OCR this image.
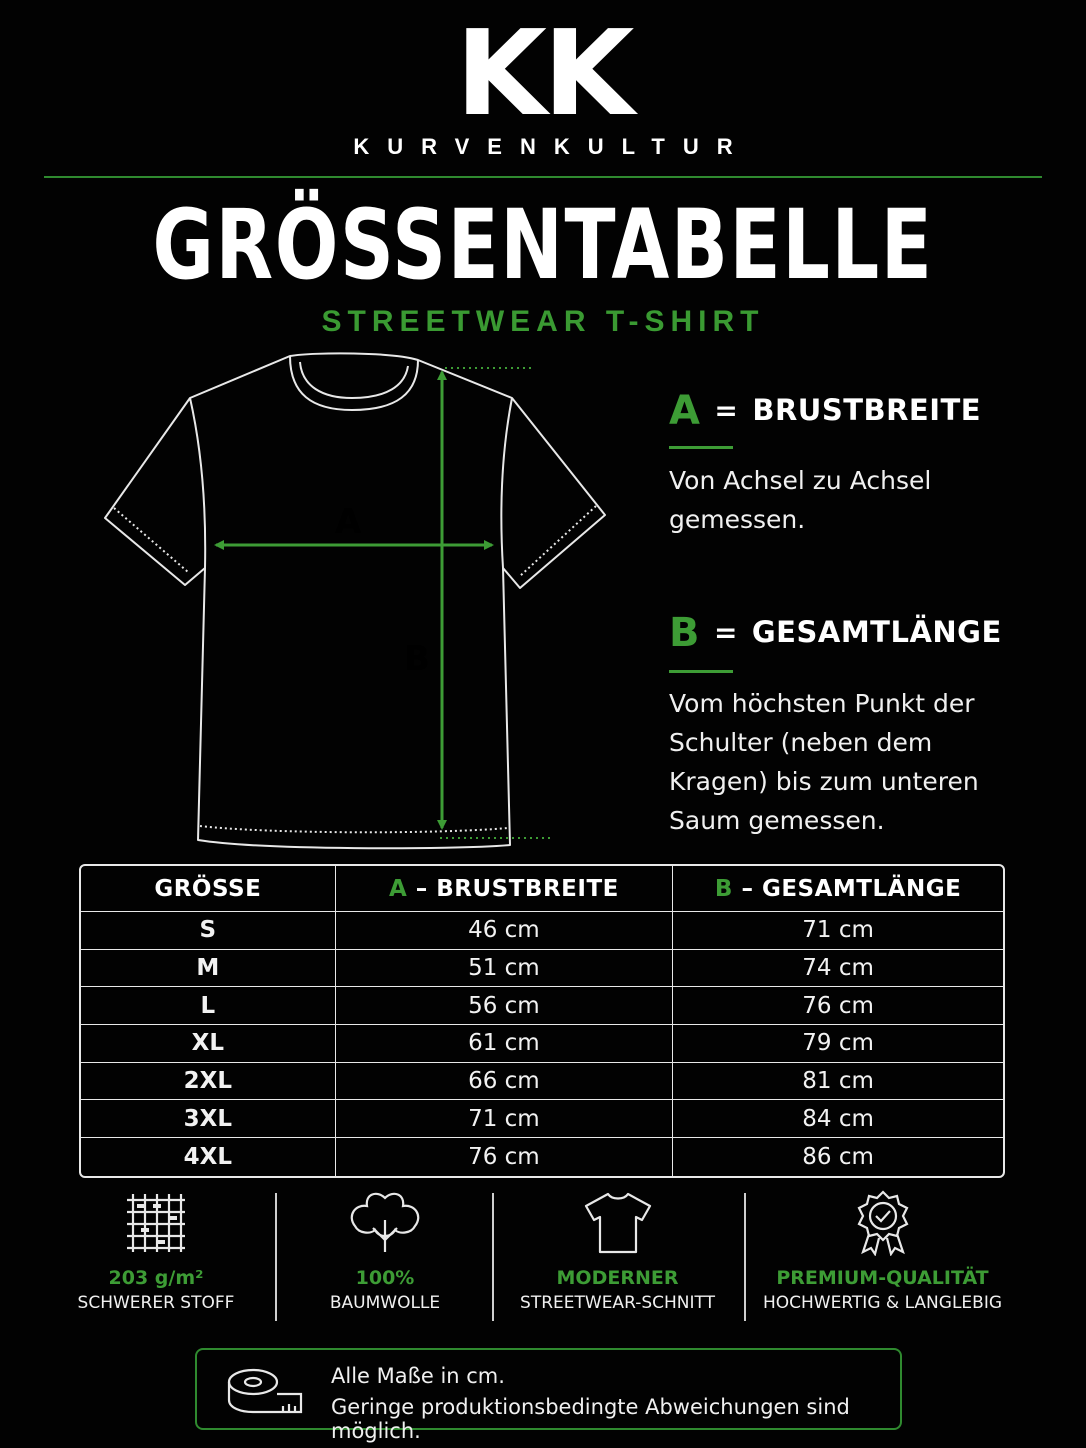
KK
KURVENKULTUR
GRÖSSENTABELLE
STREETWEAR T-SHIRT
A
B
A = BRUSTBREITE
Von Achsel zu Achsel
gemessen.
B = GESAMTLÄNGE
Vom höchsten Punkt der
Schulter (neben dem
Kragen) bis zum unteren
Saum gemessen.
GRÖSSE	A – BRUSTBREITE	B – GESAMTLÄNGE
S	46 cm	71 cm
M	51 cm	74 cm
L	56 cm	76 cm
XL	61 cm	79 cm
2XL	66 cm	81 cm
3XL	71 cm	84 cm
4XL	76 cm	86 cm
203 g/m²
SCHWERER STOFF
100%
BAUMWOLLE
MODERNER
STREETWEAR-SCHNITT
PREMIUM-QUALITÄT
HOCHWERTIG & LANGLEBIG
Alle Maße in cm.
Geringe produktionsbedingte Abweichungen sind möglich.
